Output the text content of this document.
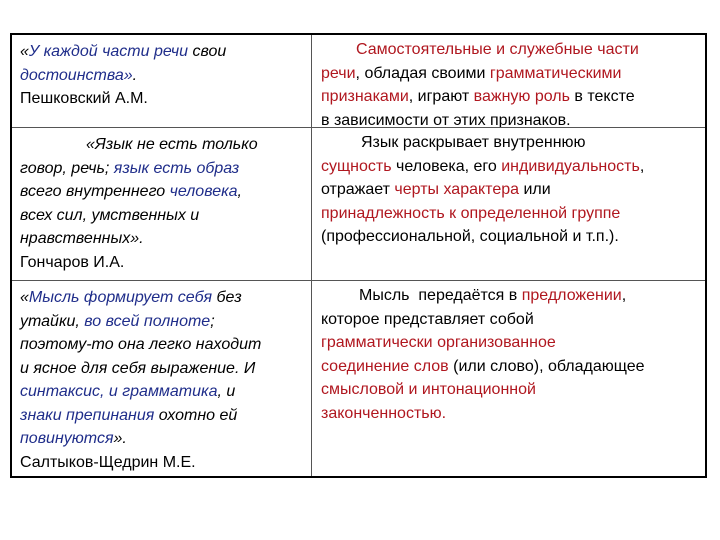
«У каждой части речи свои
достоинства».
Пешковский А.М.
Самостоятельные и служебные части
речи, обладая своими грамматическими
признаками, играют важную роль в тексте
в зависимости от этих признаков.
«Язык не есть только
говор, речь; язык есть образ
всего внутреннего человека,
всех сил, умственных и
нравственных».
Гончаров И.А.
Язык раскрывает внутреннюю
сущность человека, его индивидуальность,
отражает черты характера или
принадлежность к определенной группе
(профессиональной, социальной и т.п.).
«Мысль формирует себя без
утайки, во всей полноте;
поэтому-то она легко находит
и ясное для себя выражение. И
синтаксис, и грамматика, и
знаки препинания охотно ей
повинуются».
Салтыков-Щедрин М.Е.
Мысль  передаётся в предложении,
которое представляет собой
грамматически организованное
соединение слов (или слово), обладающее
смысловой и интонационной
законченностью.
